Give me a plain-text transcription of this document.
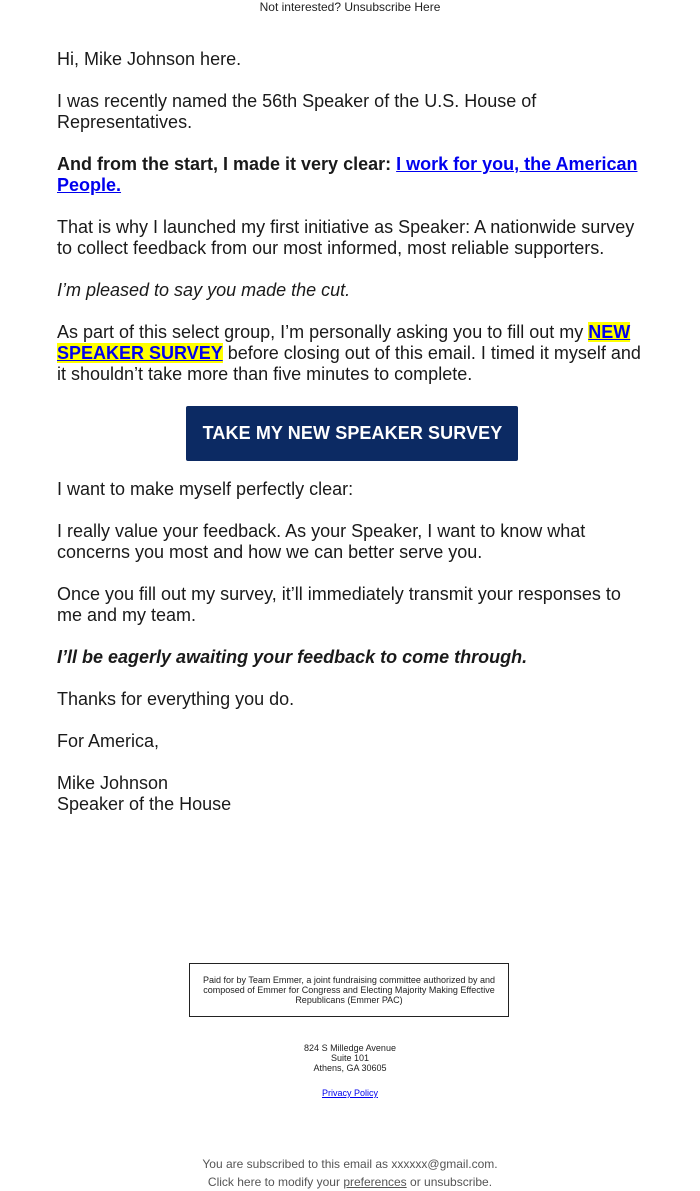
Not interested? Unsubscribe Here

Hi, Mike Johnson here.

I was recently named the 56th Speaker of the U.S. House of Representatives.

And from the start, I made it very clear: I work for you, the American People.

That is why I launched my first initiative as Speaker: A nationwide survey to collect feedback from our most informed, most reliable supporters.

I’m pleased to say you made the cut.

As part of this select group, I’m personally asking you to fill out my NEW SPEAKER SURVEY before closing out of this email. I timed it myself and it shouldn’t take more than five minutes to complete.

TAKE MY NEW SPEAKER SURVEY

I want to make myself perfectly clear:

I really value your feedback. As your Speaker, I want to know what concerns you most and how we can better serve you.

Once you fill out my survey, it’ll immediately transmit your responses to me and my team.

I’ll be eagerly awaiting your feedback to come through.

Thanks for everything you do.

For America,

Mike Johnson
Speaker of the House

Paid for by Team Emmer, a joint fundraising committee authorized by and composed of Emmer for Congress and Electing Majority Making Effective Republicans (Emmer PAC)
824 S Milledge Avenue
Suite 101
Athens, GA 30605
Privacy Policy
You are subscribed to this email as xxxxxx@gmail.com.
Click here to modify your preferences or unsubscribe.
